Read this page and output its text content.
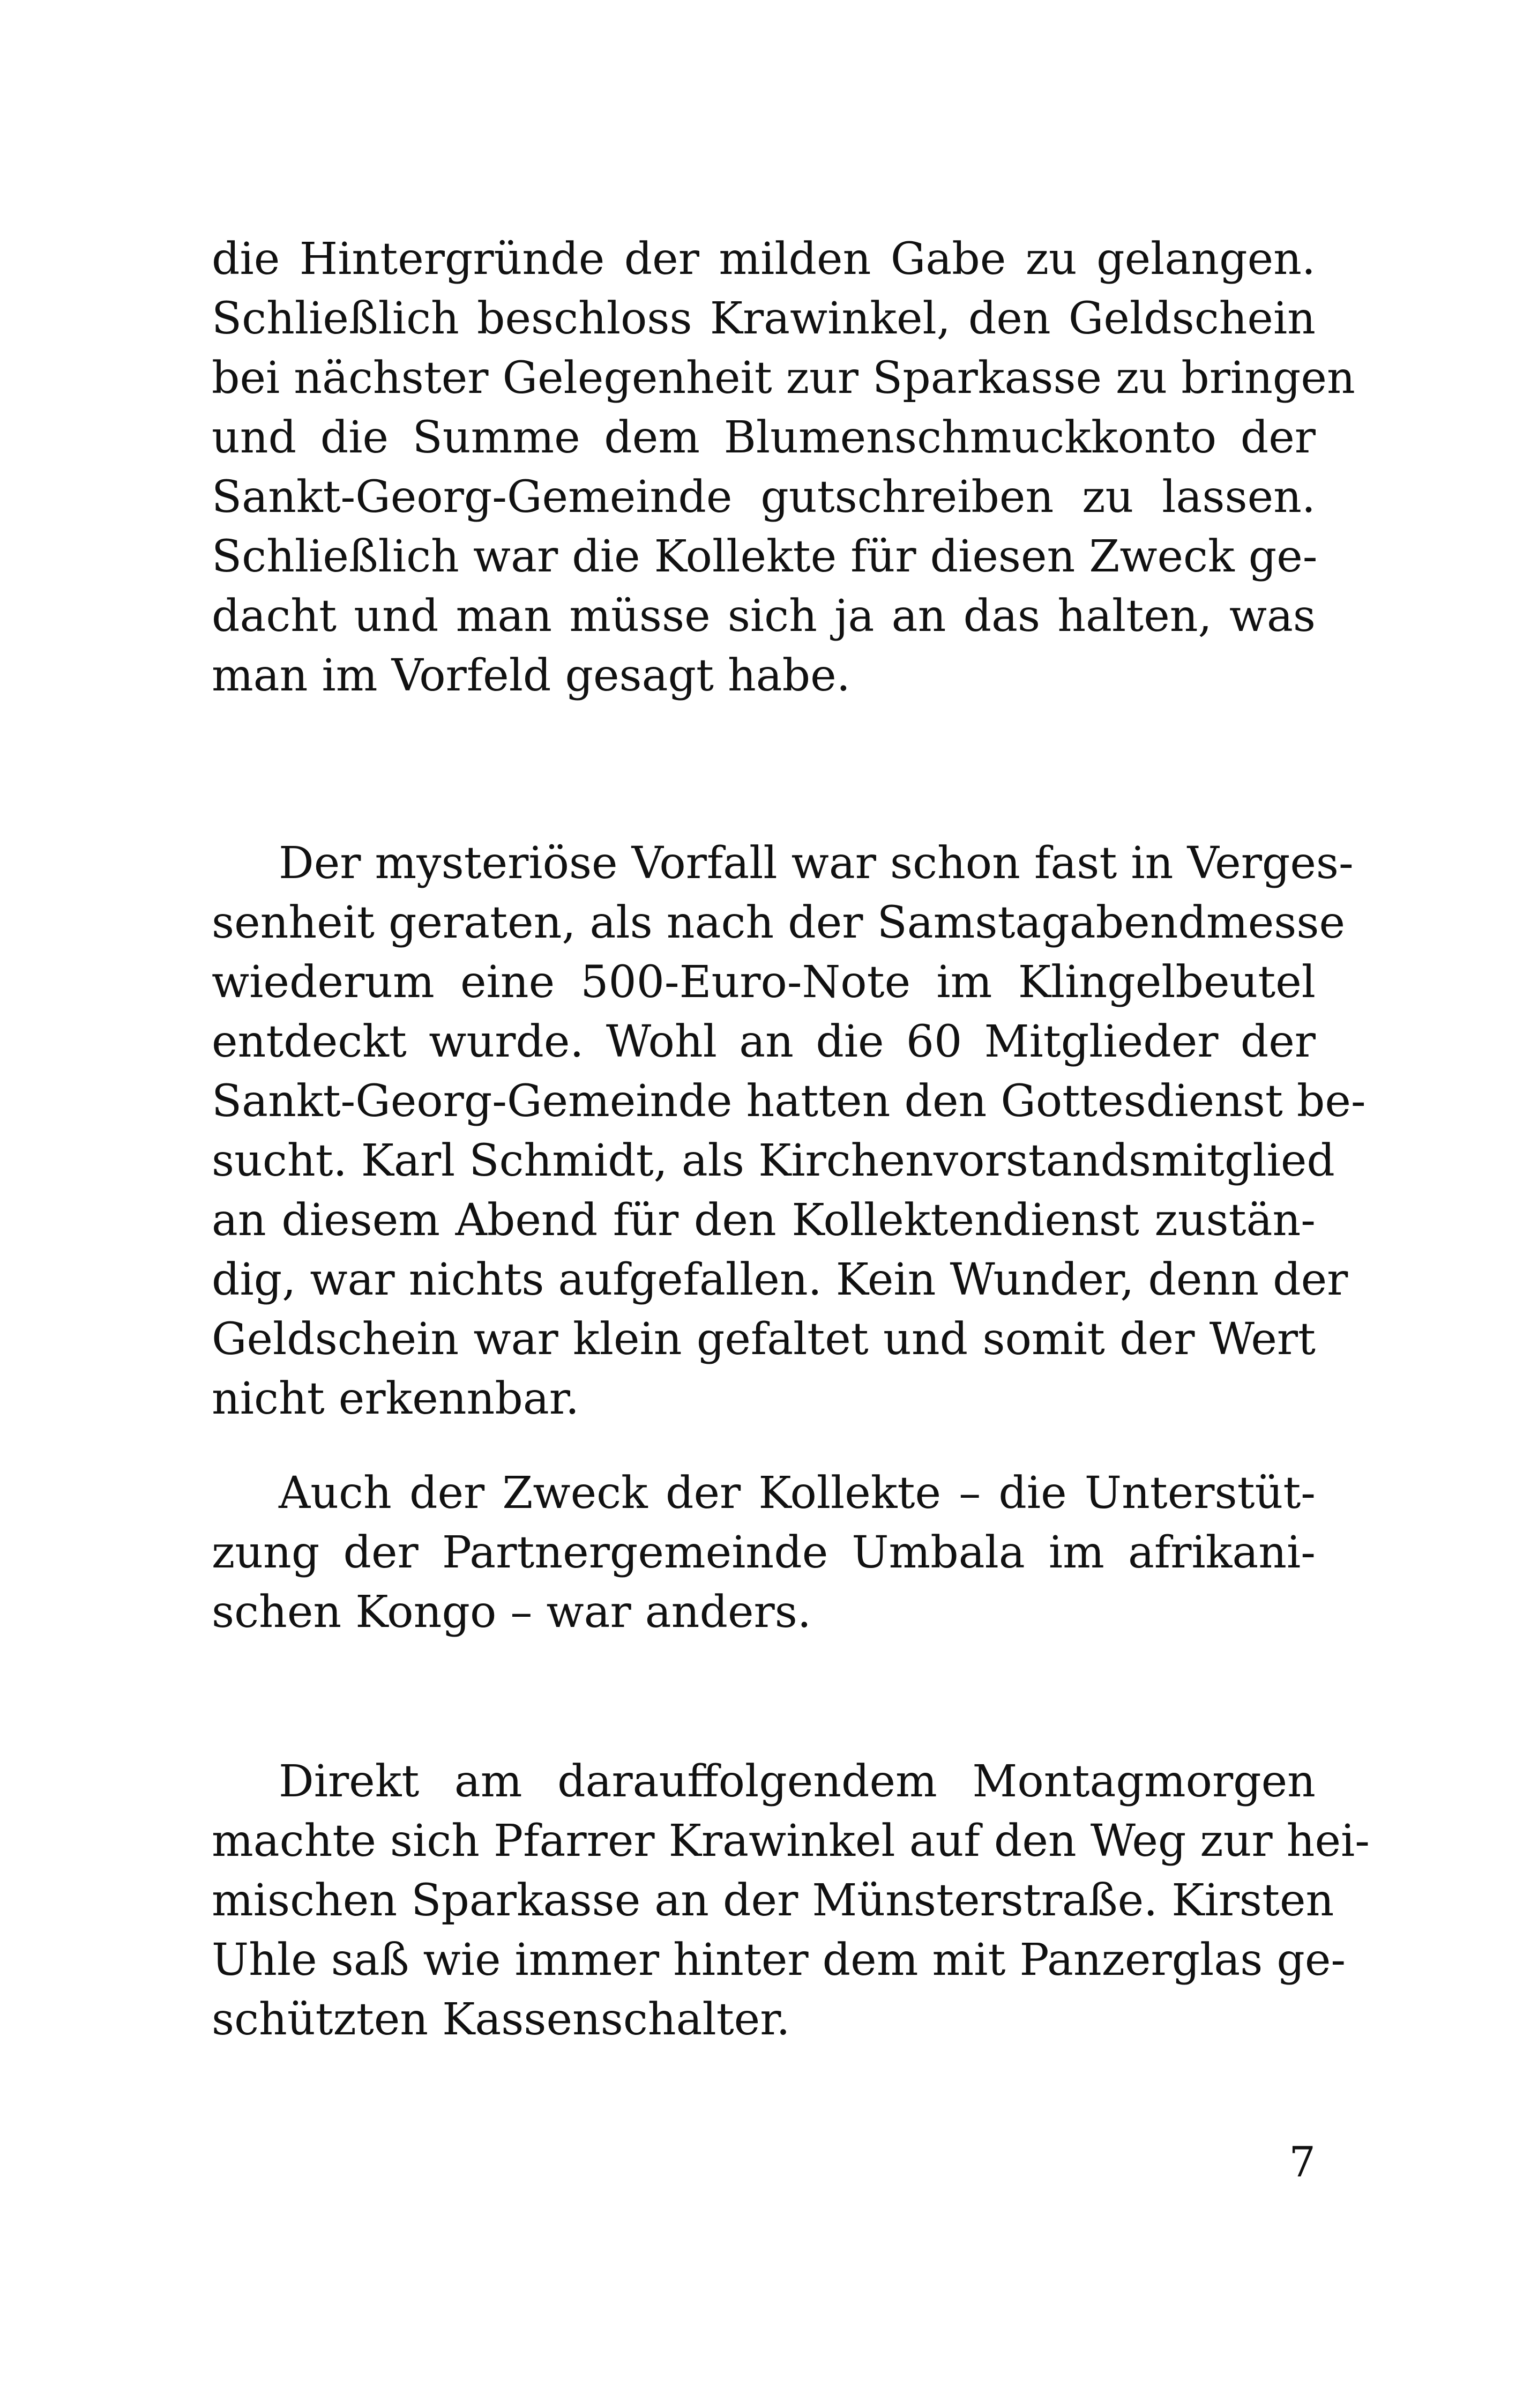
die Hintergründe der milden Gabe zu gelangen.
Schließlich beschloss Krawinkel, den Geldschein
bei nächster Gelegenheit zur Sparkasse zu bringen
und die Summe dem Blumenschmuckkonto der
Sankt-Georg-Gemeinde gutschreiben zu lassen.
Schließlich war die Kollekte für diesen Zweck ge-
dacht und man müsse sich ja an das halten, was
man im Vorfeld gesagt habe.
Der mysteriöse Vorfall war schon fast in Verges-
senheit geraten, als nach der Samstagabendmesse
wiederum eine 500-Euro-Note im Klingelbeutel
entdeckt wurde. Wohl an die 60 Mitglieder der
Sankt-Georg-Gemeinde hatten den Gottesdienst be-
sucht. Karl Schmidt, als Kirchenvorstandsmitglied
an diesem Abend für den Kollektendienst zustän-
dig, war nichts aufgefallen. Kein Wunder, denn der
Geldschein war klein gefaltet und somit der Wert
nicht erkennbar.
Auch der Zweck der Kollekte – die Unterstüt-
zung der Partnergemeinde Umbala im afrikani-
schen Kongo – war anders.
Direkt am darauffolgendem Montagmorgen
machte sich Pfarrer Krawinkel auf den Weg zur hei-
mischen Sparkasse an der Münsterstraße. Kirsten
Uhle saß wie immer hinter dem mit Panzerglas ge-
schützten Kassenschalter.
7
